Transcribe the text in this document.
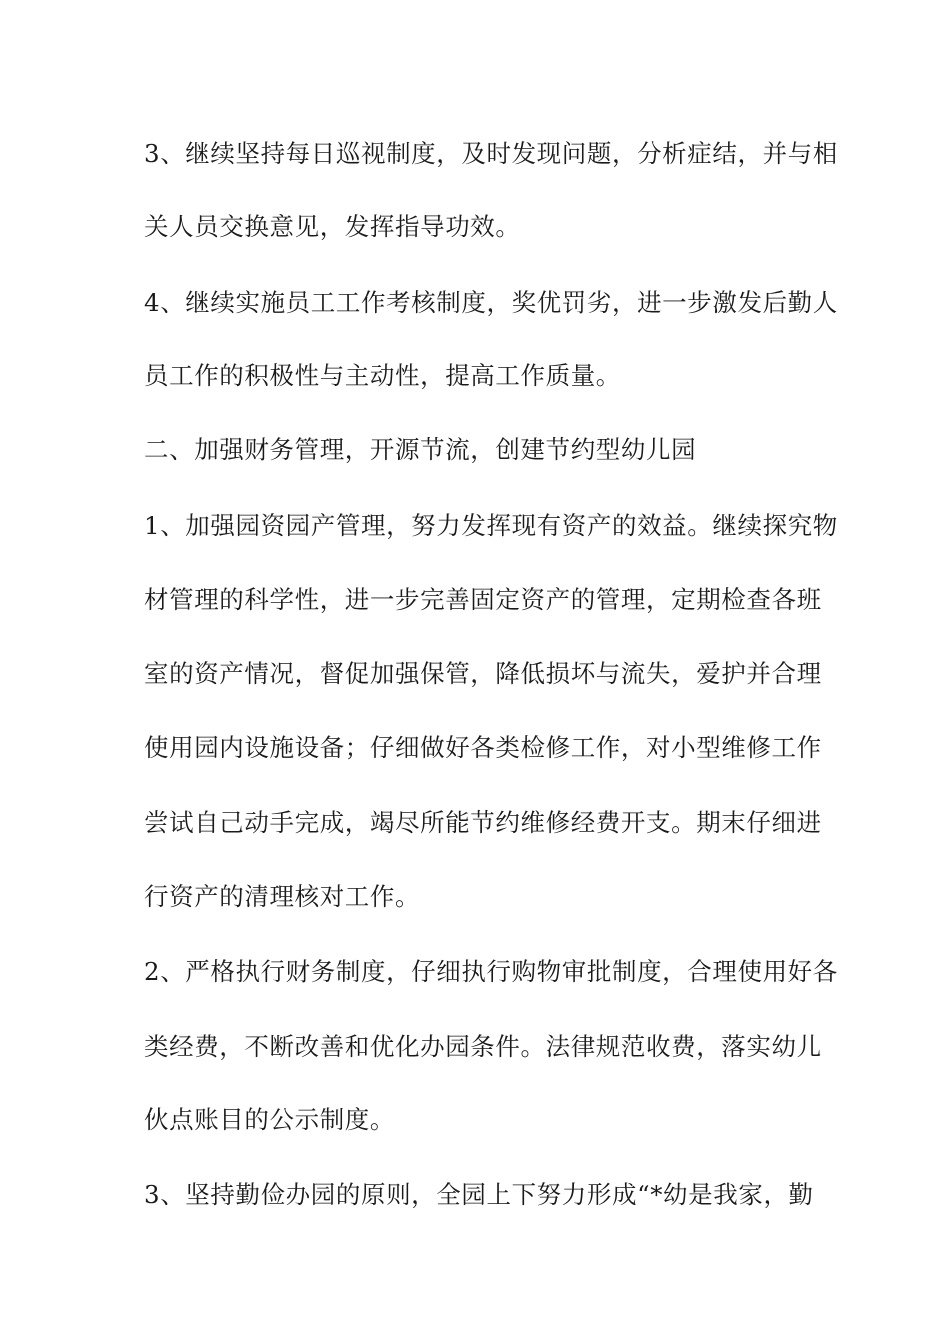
3、继续坚持每日巡视制度，及时发现问题，分析症结，并与相
关人员交换意见，发挥指导功效。
4、继续实施员工工作考核制度，奖优罚劣，进一步激发后勤人
员工作的积极性与主动性，提高工作质量。
二、加强财务管理，开源节流，创建节约型幼儿园
1、加强园资园产管理，努力发挥现有资产的效益。继续探究物
材管理的科学性，进一步完善固定资产的管理，定期检查各班
室的资产情况，督促加强保管，降低损坏与流失，爱护并合理
使用园内设施设备；仔细做好各类检修工作，对小型维修工作
尝试自己动手完成，竭尽所能节约维修经费开支。期末仔细进
行资产的清理核对工作。
2、严格执行财务制度，仔细执行购物审批制度，合理使用好各
类经费，不断改善和优化办园条件。法律规范收费，落实幼儿
伙点账目的公示制度。
3、坚持勤俭办园的原则，全园上下努力形成“*幼是我家，勤
